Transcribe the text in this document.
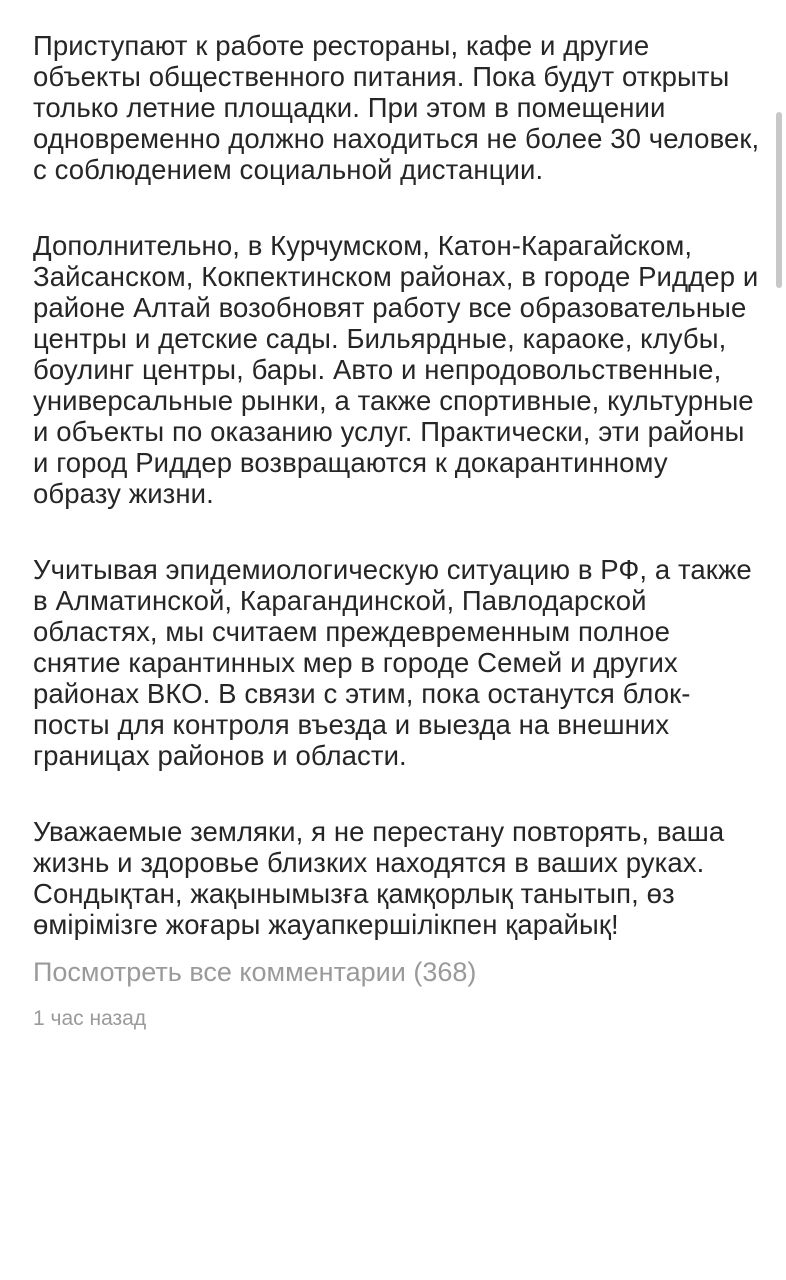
Приступают к работе рестораны, кафе и другие объекты общественного питания. Пока будут открыты только летние площадки. При этом в помещении одновременно должно находиться не более 30 человек, с соблюдением социальной дистанции.

Дополнительно, в Курчумском, Катон-Карагайском, Зайсанском, Кокпектинском районах, в городе Риддер и районе Алтай возобновят работу все образовательные центры и детские сады. Бильярдные, караоке, клубы, боулинг центры, бары. Авто и непродовольственные, универсальные рынки, а также спортивные, культурные и объекты по оказанию услуг. Практически, эти районы и город Риддер возвращаются к докарантинному образу жизни.

Учитывая эпидемиологическую ситуацию в РФ, а также в Алматинской, Карагандинской, Павлодарской областях, мы считаем преждевременным полное снятие карантинных мер в городе Семей и других районах ВКО. В связи с этим, пока останутся блок-посты для контроля въезда и выезда на внешних границах районов и области.

Уважаемые земляки, я не перестану повторять, ваша жизнь и здоровье близких находятся в ваших руках. Сондықтан, жақынымызға қамқорлық танытып, өз өмірімізге жоғары жауапкершілікпен қарайық!

Посмотреть все комментарии (368)
1 час назад
